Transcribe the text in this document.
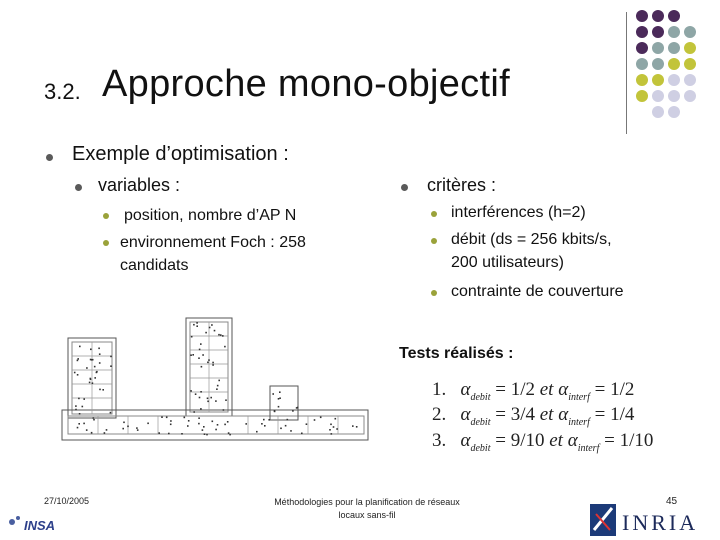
3.2. Approche mono-objectif
Exemple d’optimisation :
variables :
position, nombre d’AP N
environnement Foch : 258
candidats
critères :
interférences (h=2)
débit (ds = 256 kbits/s,
200 utilisateurs)
contrainte de couverture
Tests réalisés :
1. $\alpha_{debit} = 1/2$ et $\alpha_{interf} = 1/2$
2. $\alpha_{debit} = 3/4$ et $\alpha_{interf} = 1/4$
3. $\alpha_{debit} = 9/10$ et $\alpha_{interf} = 1/10$
27/10/2005	Méthodologies pour la planification de réseaux
locaux sans-fil
45
INSA	INRIA
